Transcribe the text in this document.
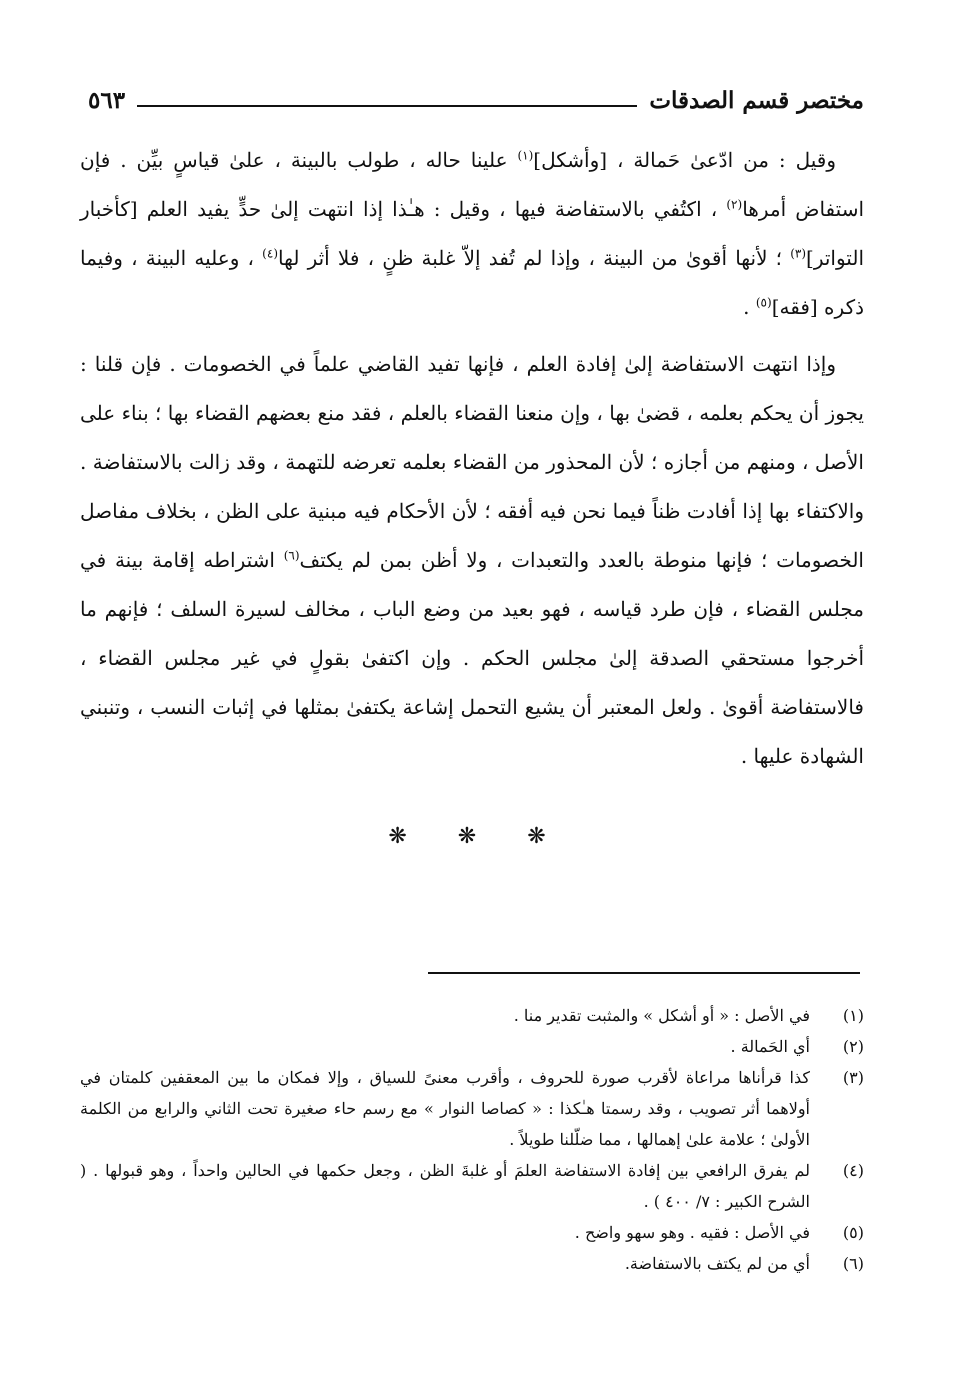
مختصر قسم الصدقات
٥٦٣

وقيل : من ادّعىٰ حَمالة ، [وأشكل]$^{(١)}$ علينا حاله ، طولب بالبينة ، علىٰ قياسٍ بيِّن . فإن استفاض أمرها$^{(٢)}$ ، اكتُفي بالاستفاضة فيها ، وقيل : هـٰذا إذا انتهت إلىٰ حدٍّ يفيد العلم [كأخبار التواتر]$^{(٣)}$ ؛ لأنها أقوىٰ من البينة ، وإذا لم تُفد إلاّ غلبة ظنٍ ، فلا أثر لها$^{(٤)}$ ، وعليه البينة ، وفيما ذكره [فقه]$^{(٥)}$ .

وإذا انتهت الاستفاضة إلىٰ إفادة العلم ، فإنها تفيد القاضي علماً في الخصومات . فإن قلنا : يجوز أن يحكم بعلمه ، قضىٰ بها ، وإن منعنا القضاء بالعلم ، فقد منع بعضهم القضاء بها ؛ بناء على الأصل ، ومنهم من أجازه ؛ لأن المحذور من القضاء بعلمه تعرضه للتهمة ، وقد زالت بالاستفاضة . والاكتفاء بها إذا أفادت ظناً فيما نحن فيه أفقه ؛ لأن الأحكام فيه مبنية على الظن ، بخلاف مفاصل الخصومات ؛ فإنها منوطة بالعدد والتعبدات ، ولا أظن بمن لم يكتف$^{(٦)}$ اشتراطه إقامة بينة في مجلس القضاء ، فإن طرد قياسه ، فهو بعيد من وضع الباب ، مخالف لسيرة السلف ؛ فإنهم ما أخرجوا مستحقي الصدقة إلىٰ مجلس الحكم . وإن اكتفىٰ بقولٍ في غير مجلس القضاء ، فالاستفاضة أقوىٰ . ولعل المعتبر أن يشيع التحمل إشاعة يكتفىٰ بمثلها في إثبات النسب ، وتنبني الشهادة عليها .

❋ ❋ ❋
(١)
في الأصل : « أو أشكل » والمثبت تقدير منا .
(٢)
أي الحَمالة .
(٣)
كذا قرأناها مراعاة لأقرب صورة للحروف ، وأقرب معنىً للسياق ، وإلا فمكان ما بين المعقفين كلمتان في أولاهما أثر تصويب ، وقد رسمتا هـٰكذا : « كصاصا النوار » مع رسم حاء صغيرة تحت الثاني والرابع من الكلمة الأولىٰ ؛ علامة علىٰ إهمالها ، مما ضلّلنا طويلاً .
(٤)
لم يفرق الرافعي بين إفادة الاستفاضة العلمَ أو غلبةَ الظن ، وجعل حكمها في الحالين واحداً ، وهو قبولها . ( الشرح الكبير : ٧/ ٤٠٠ ) .
(٥)
في الأصل : فقيه . وهو سهو واضح .
(٦)
أي من لم يكتف بالاستفاضة.
